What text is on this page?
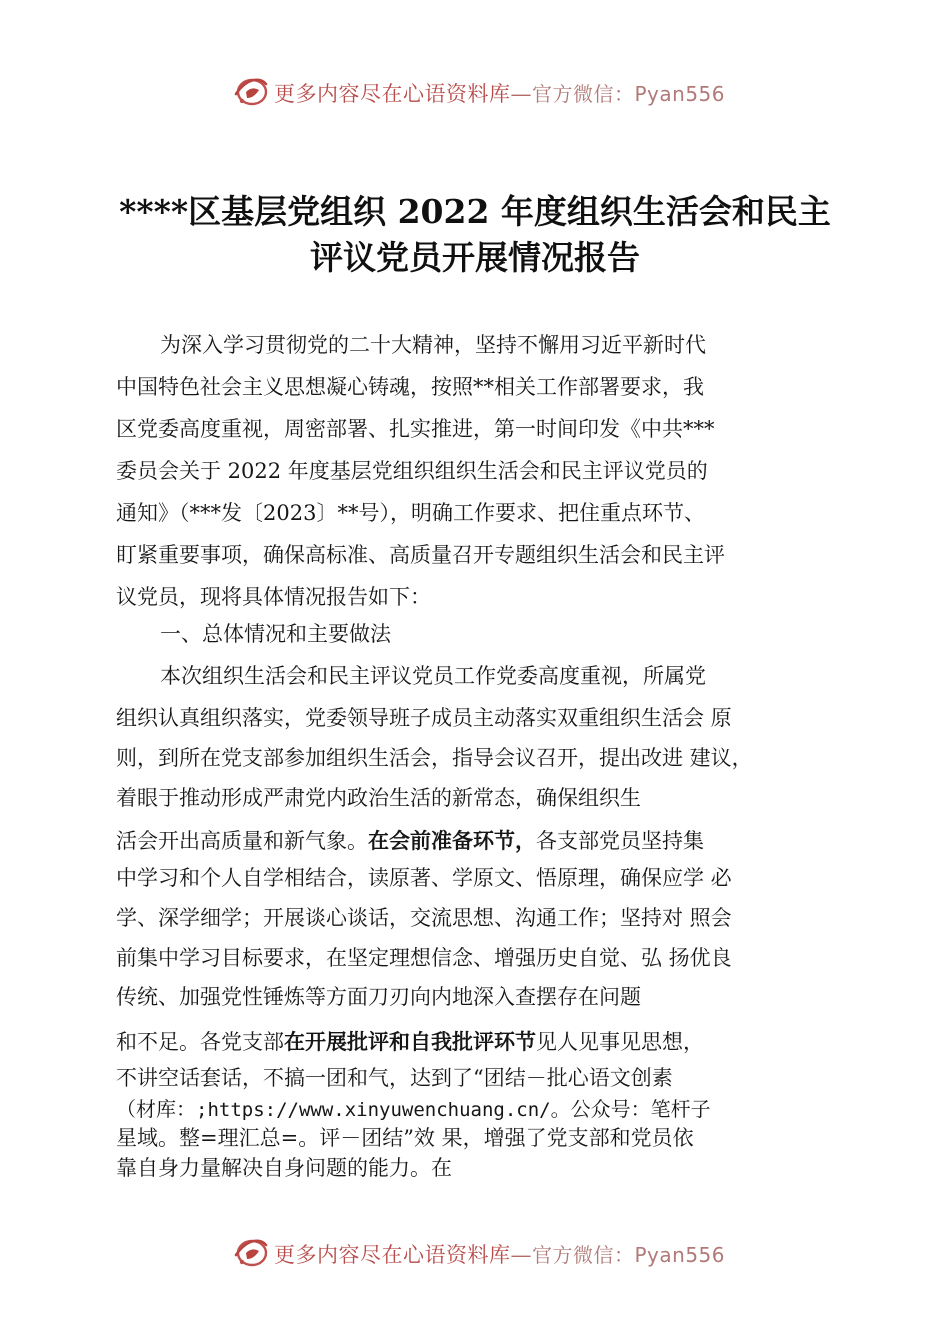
更多内容尽在心语资料库—官方微信：Pyan556
****区基层党组织 2022 年度组织生活会和民主
评议党员开展情况报告
为深入学习贯彻党的二十大精神，坚持不懈用习近平新时代
中国特色社会主义思想凝心铸魂，按照**相关工作部署要求，我
区党委高度重视，周密部署、扎实推进，第一时间印发《中共***
委员会关于 2022 年度基层党组织组织生活会和民主评议党员的
通知》（***发〔2023〕**号），明确工作要求、把住重点环节、
盯紧重要事项，确保高标准、高质量召开专题组织生活会和民主评
议党员，现将具体情况报告如下：
一、总体情况和主要做法
本次组织生活会和民主评议党员工作党委高度重视，所属党
组织认真组织落实，党委领导班子成员主动落实双重组织生活会 原
则，到所在党支部参加组织生活会，指导会议召开，提出改进 建议，
着眼于推动形成严肃党内政治生活的新常态，确保组织生
活会开出高质量和新气象。在会前准备环节，各支部党员坚持集
中学习和个人自学相结合，读原著、学原文、悟原理，确保应学 必
学、深学细学；开展谈心谈话，交流思想、沟通工作；坚持对 照会
前集中学习目标要求，在坚定理想信念、增强历史自觉、弘 扬优良
传统、加强党性锤炼等方面刀刃向内地深入查摆存在问题
和不足。各党支部在开展批评和自我批评环节见人见事见思想，
不讲空话套话，不搞一团和气，达到了“团结－批心语文创素
（材库：;https://www.xinyuwenchuang.cn/。公众号：笔杆子
星域。整=理汇总=。评－团结”效 果，增强了党支部和党员依
靠自身力量解决自身问题的能力。在
更多内容尽在心语资料库—官方微信：Pyan556
